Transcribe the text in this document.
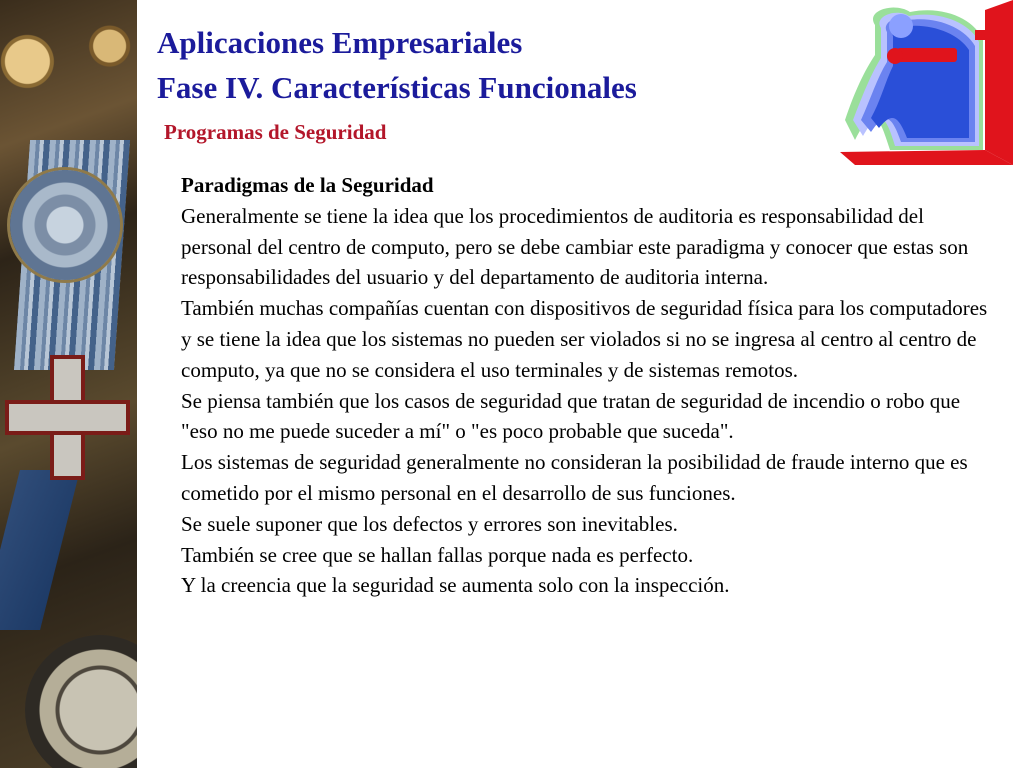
Aplicaciones Empresariales
Fase IV. Características Funcionales
Programas de Seguridad

Paradigmas de la Seguridad

Generalmente se tiene la idea que los procedimientos de auditoria es responsabilidad del personal del centro de computo, pero se debe cambiar este paradigma y conocer que estas son responsabilidades del usuario y del departamento de auditoria interna.

También muchas compañías cuentan con dispositivos de seguridad física para los computadores y se tiene la idea que los sistemas no pueden ser violados si no se ingresa al centro al centro de computo, ya que no se considera el uso terminales y de sistemas remotos.

Se piensa también que los casos de seguridad que tratan de seguridad de incendio o robo que "eso no me puede suceder a mí" o "es poco probable que suceda".

Los sistemas de seguridad generalmente no consideran la posibilidad de fraude interno que es cometido por el mismo personal en el desarrollo de sus funciones.

Se suele suponer que los defectos y errores son inevitables.

También se cree que se hallan fallas porque nada es perfecto.

Y la creencia que la seguridad se aumenta solo con la inspección.
